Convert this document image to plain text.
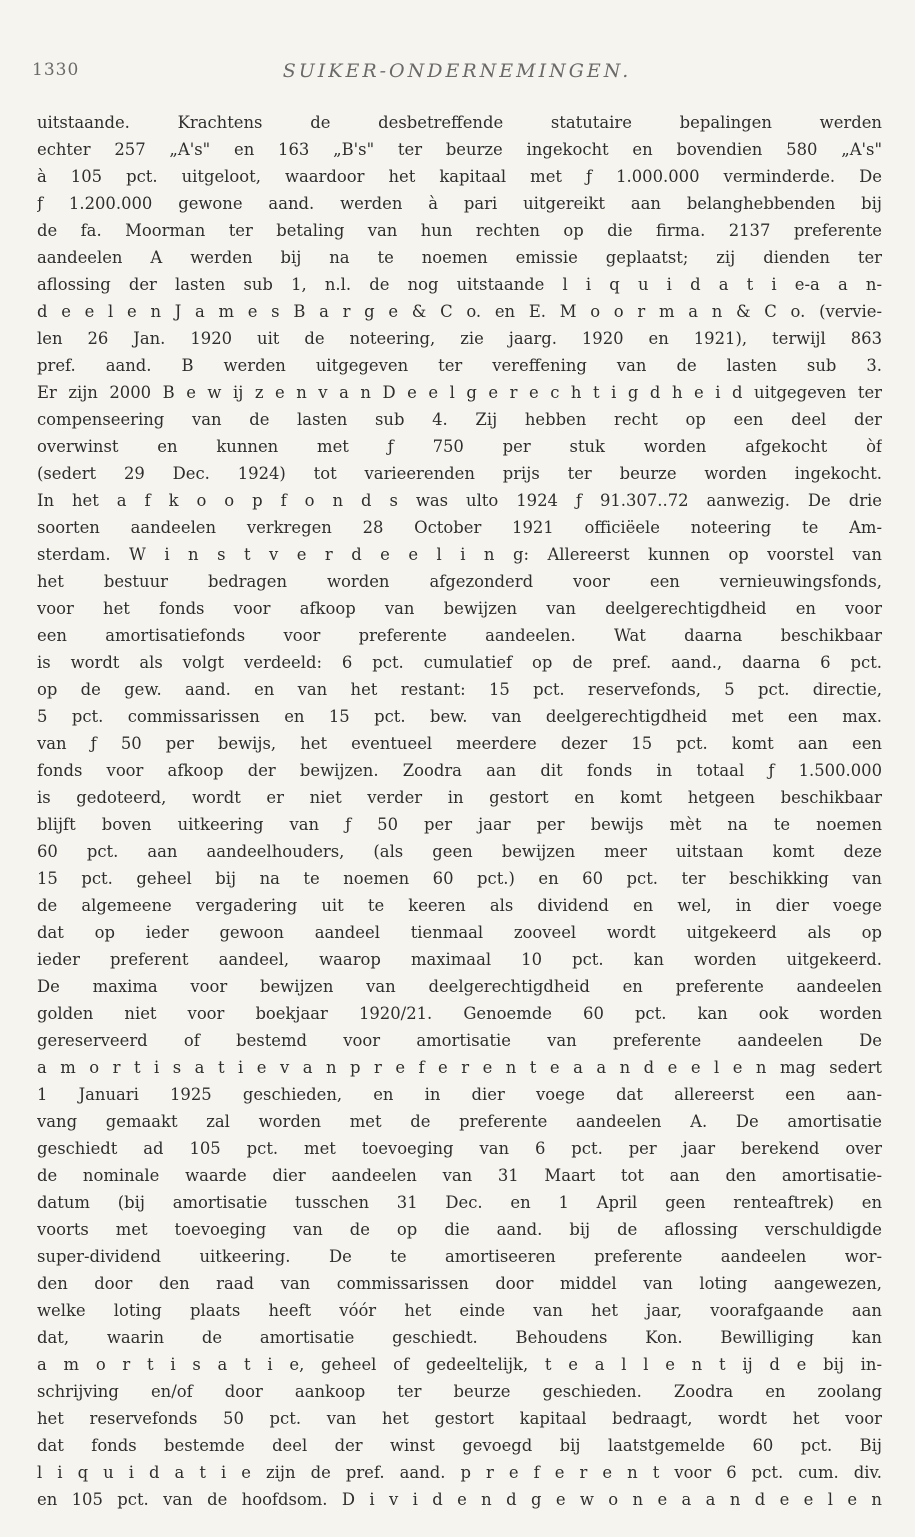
1330	SUIKER-ONDERNEMINGEN.
uitstaande. Krachtens de desbetreffende statutaire bepalingen werden
echter 257 „A's" en 163 „B's" ter beurze ingekocht en bovendien 580 „A's"
à 105 pct. uitgeloot, waardoor het kapitaal met ƒ 1.000.000 verminderde. De
ƒ 1.200.000 gewone aand. werden à pari uitgereikt aan belanghebbenden bij
de fa. Moorman ter betaling van hun rechten op die firma. 2137 preferente
aandeelen A werden bij na te noemen emissie geplaatst; zij dienden ter
aflossing der lasten sub 1, n.l. de nog uitstaande l i q u i d a t i e-a a n-
d e e l e n J a m e s B a r g e & C o. en E. M o o r m a n & C o. (vervie-
len 26 Jan. 1920 uit de noteering, zie jaarg. 1920 en 1921), terwijl 863
pref. aand. B werden uitgegeven ter vereffening van de lasten sub 3.
Er zijn 2000 B e w ij z e n v a n D e e l g e r e c h t i g d h e i d uitgegeven ter
compenseering van de lasten sub 4. Zij hebben recht op een deel der
overwinst en kunnen met ƒ 750 per stuk worden afgekocht òf
(sedert 29 Dec. 1924) tot varieerenden prijs ter beurze worden ingekocht.
In het a f k o o p f o n d s was ulto 1924 ƒ 91.307..72 aanwezig. De drie
soorten aandeelen verkregen 28 October 1921 officiëele noteering te Am-
sterdam. W i n s t v e r d e e l i n g: Allereerst kunnen op voorstel van
het bestuur bedragen worden afgezonderd voor een vernieuwingsfonds,
voor het fonds voor afkoop van bewijzen van deelgerechtigdheid en voor
een amortisatiefonds voor preferente aandeelen. Wat daarna beschikbaar
is wordt als volgt verdeeld: 6 pct. cumulatief op de pref. aand., daarna 6 pct.
op de gew. aand. en van het restant: 15 pct. reservefonds, 5 pct. directie,
5 pct. commissarissen en 15 pct. bew. van deelgerechtigdheid met een max.
van ƒ 50 per bewijs, het eventueel meerdere dezer 15 pct. komt aan een
fonds voor afkoop der bewijzen. Zoodra aan dit fonds in totaal ƒ 1.500.000
is gedoteerd, wordt er niet verder in gestort en komt hetgeen beschikbaar
blijft boven uitkeering van ƒ 50 per jaar per bewijs mèt na te noemen
60 pct. aan aandeelhouders, (als geen bewijzen meer uitstaan komt deze
15 pct. geheel bij na te noemen 60 pct.) en 60 pct. ter beschikking van
de algemeene vergadering uit te keeren als dividend en wel, in dier voege
dat op ieder gewoon aandeel tienmaal zooveel wordt uitgekeerd als op
ieder preferent aandeel, waarop maximaal 10 pct. kan worden uitgekeerd.
De maxima voor bewijzen van deelgerechtigdheid en preferente aandeelen
golden niet voor boekjaar 1920/21. Genoemde 60 pct. kan ook worden
gereserveerd of bestemd voor amortisatie van preferente aandeelen De
a m o r t i s a t i e v a n p r e f e r e n t e a a n d e e l e n mag sedert
1 Januari 1925 geschieden, en in dier voege dat allereerst een aan-
vang gemaakt zal worden met de preferente aandeelen A. De amortisatie
geschiedt ad 105 pct. met toevoeging van 6 pct. per jaar berekend over
de nominale waarde dier aandeelen van 31 Maart tot aan den amortisatie-
datum (bij amortisatie tusschen 31 Dec. en 1 April geen renteaftrek) en
voorts met toevoeging van de op die aand. bij de aflossing verschuldigde
super-dividend uitkeering. De te amortiseeren preferente aandeelen wor-
den door den raad van commissarissen door middel van loting aangewezen,
welke loting plaats heeft vóór het einde van het jaar, voorafgaande aan
dat, waarin de amortisatie geschiedt. Behoudens Kon. Bewilliging kan
a m o r t i s a t i e, geheel of gedeeltelijk, t e a l l e n t ij d e bij in-
schrijving en/of door aankoop ter beurze geschieden. Zoodra en zoolang
het reservefonds 50 pct. van het gestort kapitaal bedraagt, wordt het voor
dat fonds bestemde deel der winst gevoegd bij laatstgemelde 60 pct. Bij
l i q u i d a t i e zijn de pref. aand. p r e f e r e n t voor 6 pct. cum. div.
en 105 pct. van de hoofdsom. D i v i d e n d g e w o n e a a n d e e l e n
